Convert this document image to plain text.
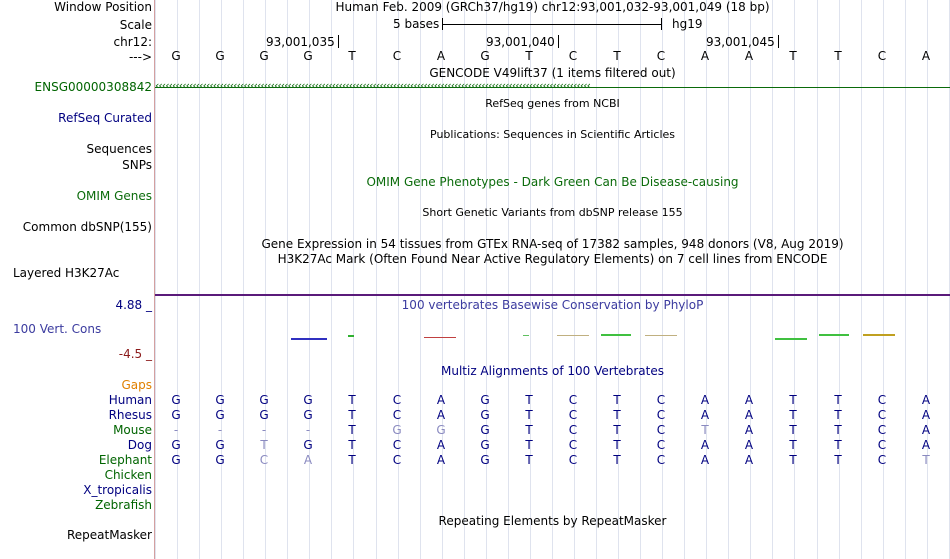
Window Position	Human Feb. 2009 (GRCh37/hg19) chr12:93,001,032-93,001,049 (18 bp)
Scale	5 bases	hg19
chr12:	93,001,035	93,001,040	93,001,045
--->	G	G	G	G	T	C	A	G	T	C	T	C	A	A	T	T	C	A
GENCODE V49lift37 (1 items filtered out)
ENSG00000308842 ‹‹‹‹‹‹‹‹‹‹‹‹‹‹‹‹‹‹‹‹‹‹‹‹‹‹‹‹‹‹‹‹‹‹‹‹‹‹‹‹‹‹‹‹‹‹‹‹‹‹‹‹‹‹‹‹‹‹‹‹‹‹‹‹‹‹‹‹‹‹‹‹‹‹‹‹‹‹‹‹‹‹‹‹‹‹‹‹‹‹‹‹‹‹‹‹‹‹‹‹‹‹‹‹‹‹‹‹‹‹‹‹‹‹‹‹‹‹‹‹‹‹‹‹‹‹‹‹
RefSeq genes from NCBI
RefSeq Curated
Publications: Sequences in Scientific Articles
Sequences
SNPs
OMIM Gene Phenotypes - Dark Green Can Be Disease-causing
OMIM Genes
Short Genetic Variants from dbSNP release 155
Common dbSNP(155)
Gene Expression in 54 tissues from GTEx RNA-seq of 17382 samples, 948 donors (V8, Aug 2019)
H3K27Ac Mark (Often Found Near Active Regulatory Elements) on 7 cell lines from ENCODE
Layered H3K27Ac
100 vertebrates Basewise Conservation by PhyloP
4.88 _
100 Vert. Cons
-4.5 _
Multiz Alignments of 100 Vertebrates
Gaps
Human	G	G	G	G	T	C	A	G	T	C	T	C	A	A	T	T	C	A
Rhesus	G	G	G	G	T	C	A	G	T	C	T	C	A	A	T	T	C	A
Mouse	-	-	-	-	T	G	G	G	T	C	T	C	T	A	T	T	C	A
Dog	G	G	T	G	T	C	A	G	T	C	T	C	A	A	T	T	C	A
Elephant	G	G	C	A	T	C	A	G	T	C	T	C	A	A	T	T	C	T
Chicken
X_tropicalis
Zebrafish
Repeating Elements by RepeatMasker
RepeatMasker
